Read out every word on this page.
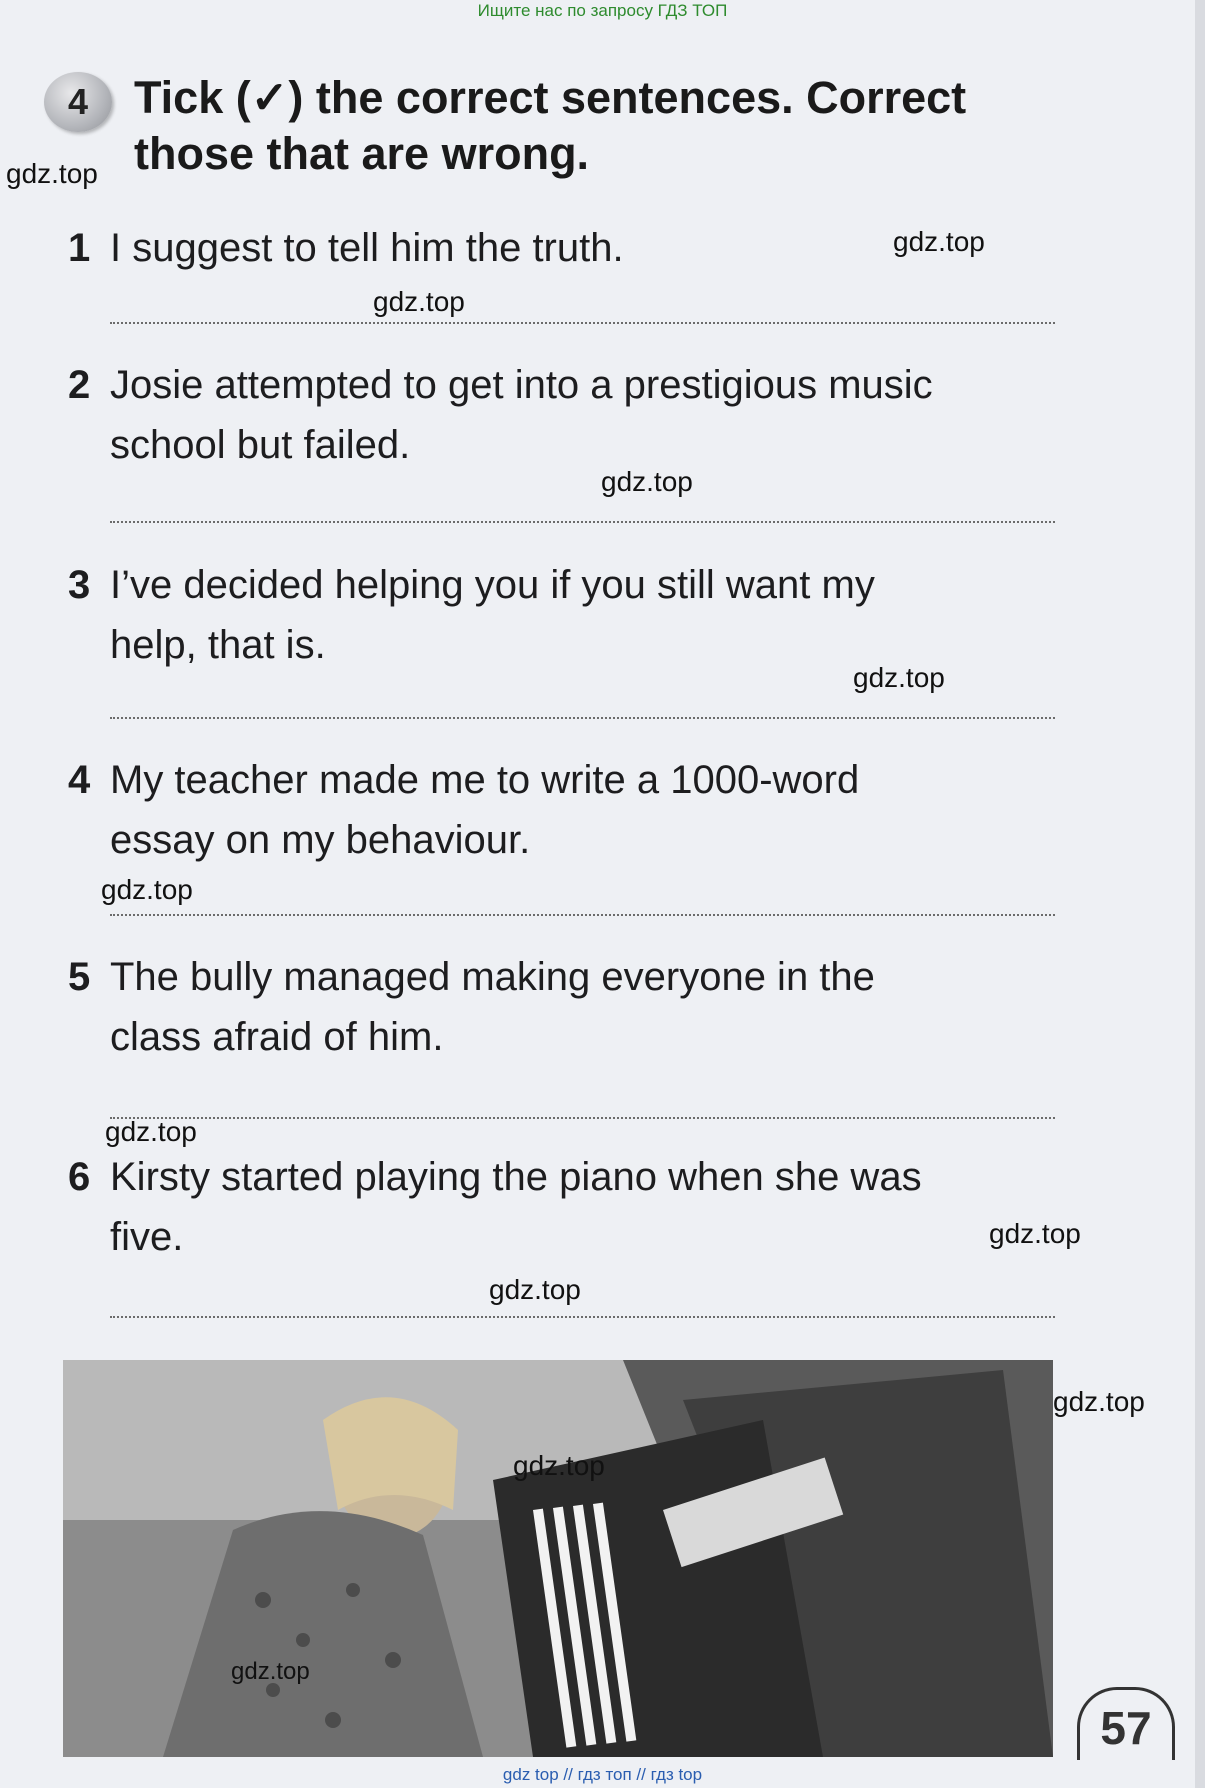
Ищите нас по запросу ГДЗ ТОП
4	Tick (✓) the correct sentences. Correct
those that are wrong.
1 I suggest to tell him the truth.
2 Josie attempted to get into a prestigious music
school but failed.
3 I’ve decided helping you if you still want my
help, that is.
4 My teacher made me to write a 1000-word
essay on my behaviour.
5 The bully managed making everyone in the
class afraid of him.
6 Kirsty started playing the piano when she was
five.
57
gdz.top
gdz.top
gdz.top
gdz.top
gdz.top
gdz.top
gdz.top
gdz.top
gdz.top
gdz.top
gdz.top
gdz.top
gdz top // гдз топ // гдз top
